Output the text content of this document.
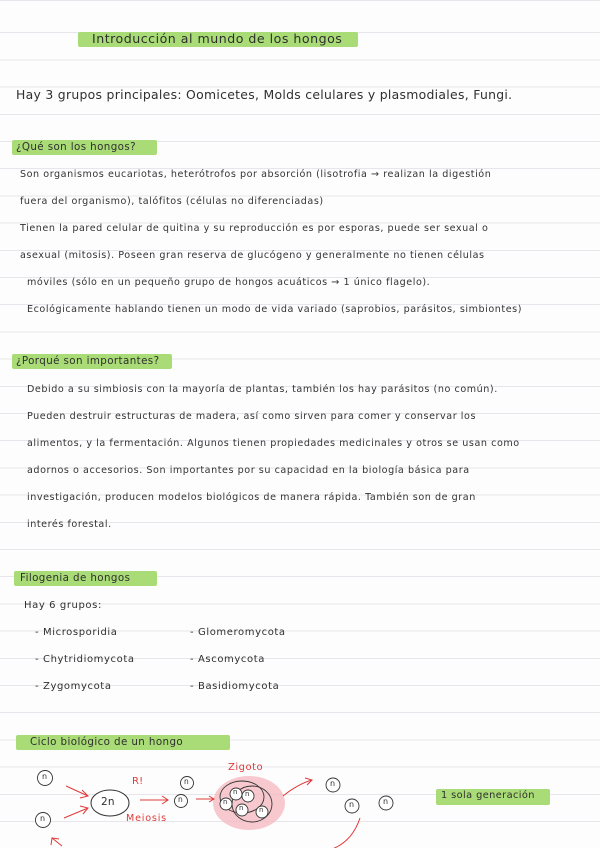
Introducción al mundo de los hongos
Hay 3 grupos principales: Oomicetes, Molds celulares y plasmodiales, Fungi.
¿Qué son los hongos?
Son organismos eucariotas, heterótrofos por absorción (lisotrofia → realizan la digestión
fuera del organismo), talófitos (células no diferenciadas)
Tienen la pared celular de quitina y su reproducción es por esporas, puede ser sexual o
asexual (mitosis). Poseen gran reserva de glucógeno y generalmente no tienen células
móviles (sólo en un pequeño grupo de hongos acuáticos → 1 único flagelo).
Ecológicamente hablando tienen un modo de vida variado (saprobios, parásitos, simbiontes)
¿Porqué son importantes?
Debido a su simbiosis con la mayoría de plantas, también los hay parásitos (no común).
Pueden destruir estructuras de madera, así como sirven para comer y conservar los
alimentos, y la fermentación. Algunos tienen propiedades medicinales y otros se usan como
adornos o accesorios. Son importantes por su capacidad en la biología básica para
investigación, producen modelos biológicos de manera rápida. También son de gran
interés forestal.
Filogenia de hongos
Hay 6 grupos:
- Microsporidia
- Chytridiomycota
- Zygomycota
- Glomeromycota
- Ascomycota
- Basidiomycota
Ciclo biológico de un hongo
Zigoto
R!
Meiosis
2n
n
n
n
n
n
n	n
n
n n
n n
1 sola generación
